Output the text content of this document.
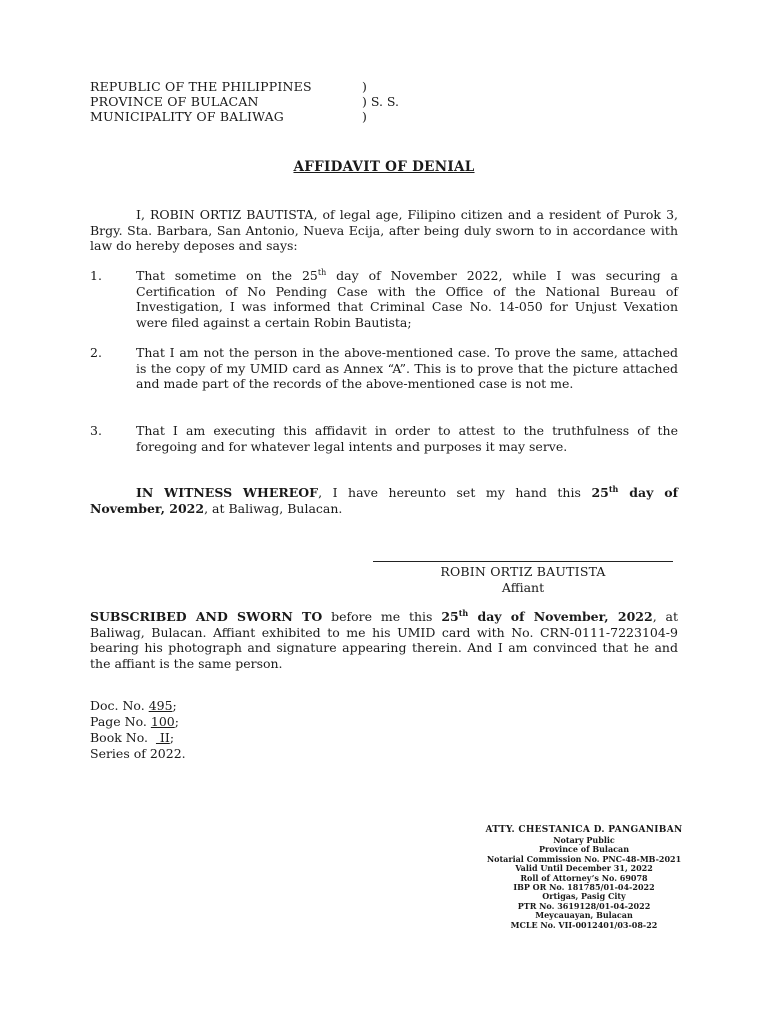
REPUBLIC OF THE PHILIPPINES	)
PROVINCE OF BULACAN	) S. S.
MUNICIPALITY OF BALIWAG	)
AFFIDAVIT OF DENIAL
I, ROBIN ORTIZ BAUTISTA, of legal age, Filipino citizen and a resident of Purok 3, Brgy. Sta. Barbara, San Antonio, Nueva Ecija, after being duly sworn to in accordance with law do hereby deposes and says:
1.	That sometime on the 25th day of November 2022, while I was securing a Certification of No Pending Case with the Office of the National Bureau of Investigation, I was informed that Criminal Case No. 14-050 for Unjust Vexation were filed against a certain Robin Bautista;
2.	That I am not the person in the above-mentioned case. To prove the same, attached is the copy of my UMID card as Annex “A”. This is to prove that the picture attached and made part of the records of the above-mentioned case is not me.
3.	That I am executing this affidavit in order to attest to the truthfulness of the foregoing and for whatever legal intents and purposes it may serve.
IN WITNESS WHEREOF, I have hereunto set my hand this 25th day of November, 2022, at Baliwag, Bulacan.
ROBIN ORTIZ BAUTISTA
Affiant
SUBSCRIBED AND SWORN TO before me this 25th day of November, 2022, at Baliwag, Bulacan. Affiant exhibited to me his UMID card with No. CRN-0111-7223104-9 bearing his photograph and signature appearing therein. And I am convinced that he and the affiant is the same person.
Doc. No. 495;
Page No. 100;
Book No.   II;
Series of 2022.
ATTY. CHESTANICA D. PANGANIBAN
Notary Public
Province of Bulacan
Notarial Commission No. PNC-48-MB-2021
Valid Until December 31, 2022
Roll of Attorney’s No. 69078
IBP OR No. 181785/01-04-2022
Ortigas, Pasig City
PTR No. 3619128/01-04-2022
Meycauayan, Bulacan
MCLE No. VII-0012401/03-08-22
